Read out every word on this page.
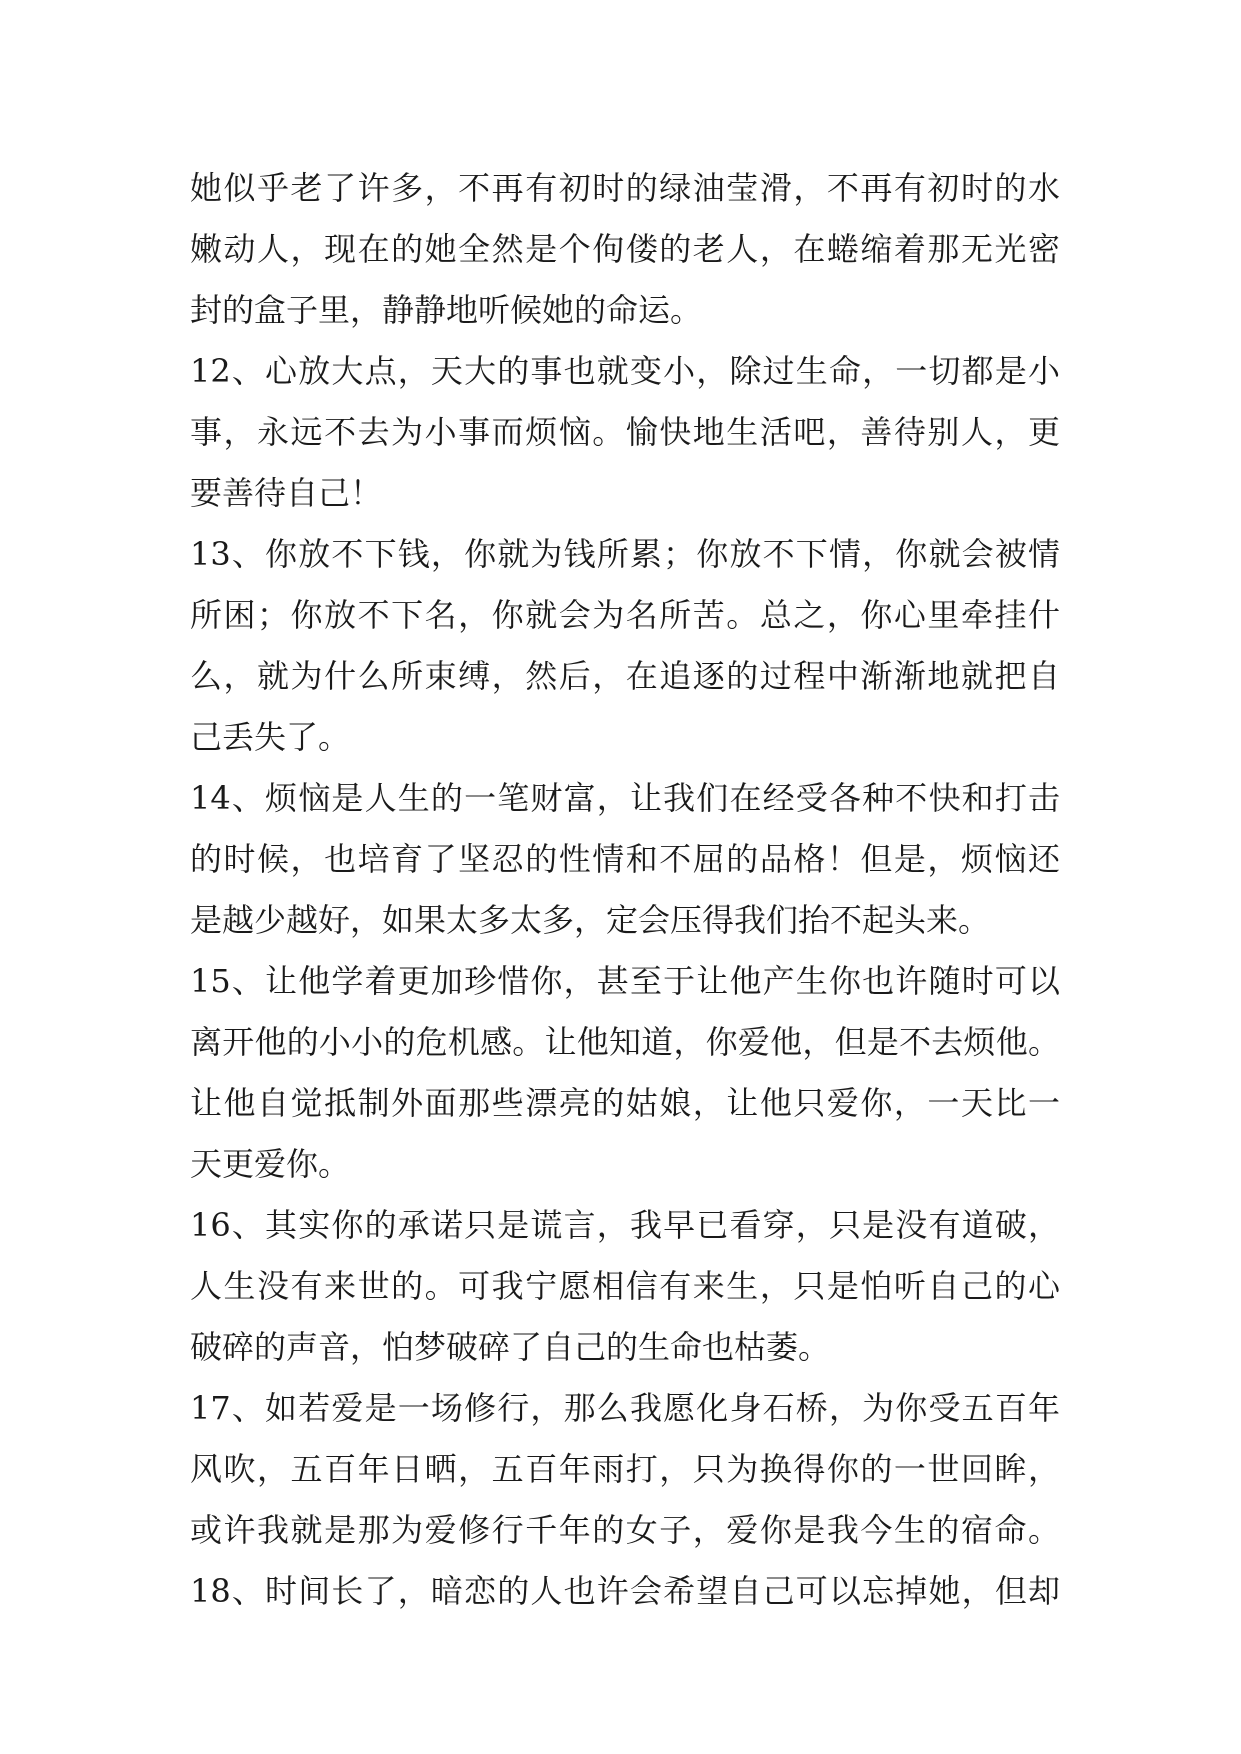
她似乎老了许多，不再有初时的绿油莹滑，不再有初时的水
嫩动人，现在的她全然是个佝偻的老人，在蜷缩着那无光密
封的盒子里，静静地听候她的命运。
12、心放大点，天大的事也就变小，除过生命，一切都是小
事，永远不去为小事而烦恼。愉快地生活吧，善待别人，更
要善待自己！
13、你放不下钱，你就为钱所累；你放不下情，你就会被情
所困；你放不下名，你就会为名所苦。总之，你心里牵挂什
么，就为什么所束缚，然后，在追逐的过程中渐渐地就把自
己丢失了。
14、烦恼是人生的一笔财富，让我们在经受各种不快和打击
的时候，也培育了坚忍的性情和不屈的品格！但是，烦恼还
是越少越好，如果太多太多，定会压得我们抬不起头来。
15、让他学着更加珍惜你，甚至于让他产生你也许随时可以
离开他的小小的危机感。让他知道，你爱他，但是不去烦他。
让他自觉抵制外面那些漂亮的姑娘，让他只爱你，一天比一
天更爱你。
16、其实你的承诺只是谎言，我早已看穿，只是没有道破，
人生没有来世的。可我宁愿相信有来生，只是怕听自己的心
破碎的声音，怕梦破碎了自己的生命也枯萎。
17、如若爱是一场修行，那么我愿化身石桥，为你受五百年
风吹，五百年日晒，五百年雨打，只为换得你的一世回眸，
或许我就是那为爱修行千年的女子，爱你是我今生的宿命。
18、时间长了，暗恋的人也许会希望自己可以忘掉她，但却
